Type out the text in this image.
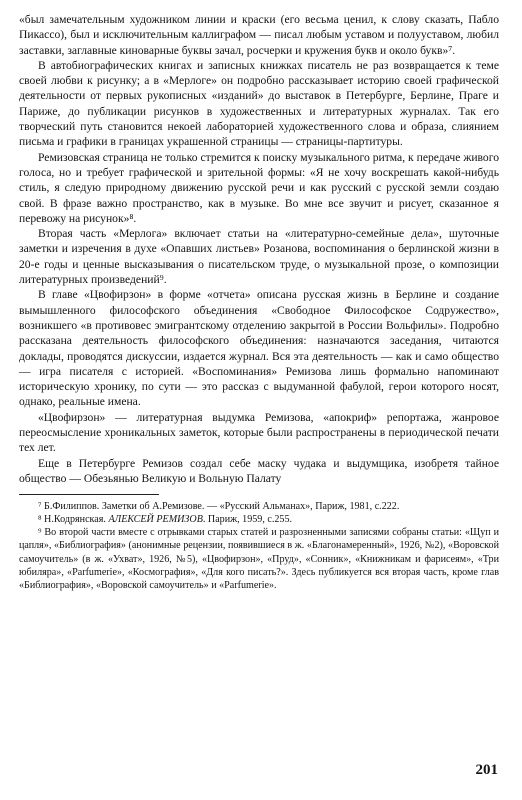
«был замечательным художником линии и краски (его весьма ценил, к слову сказать, Пабло Пикассо), был и исключительным каллиграфом — писал любым уставом и полууставом, любил заставки, заглавные киноварные буквы зачал, росчерки и кружения букв и около букв»⁷.

В автобиографических книгах и записных книжках писатель не раз возвращается к теме своей любви к рисунку; а в «Мерлоге» он подробно рассказывает историю своей графической деятельности от первых рукописных «изданий» до выставок в Петербурге, Берлине, Праге и Париже, до публикации рисунков в художественных и литературных журналах. Так его творческий путь становится некоей лабораторией художественного слова и образа, слиянием письма и графики в границах украшенной страницы — страницы-партитуры.

Ремизовская страница не только стремится к поиску музыкального ритма, к передаче живого голоса, но и требует графической и зрительной формы: «Я не хочу воскрешать какой-нибудь стиль, я следую природному движению русской речи и как русский с русской земли создаю свой. В фразе важно пространство, как в музыке. Во мне все звучит и рисует, сказанное я перевожу на рисунок»⁸.

Вторая часть «Мерлога» включает статьи на «литературно-семейные дела», шуточные заметки и изречения в духе «Опавших листьев» Розанова, воспоминания о берлинской жизни в 20-е годы и ценные высказывания о писательском труде, о музыкальной прозе, о композиции литературных произведений⁹.

В главе «Цвофирзон» в форме «отчета» описана русская жизнь в Берлине и создание вымышленного философского объединения «Свободное Философское Содружество», возникшего «в противовес эмигрантскому отделению закрытой в России Вольфилы». Подробно рассказана деятельность философского объединения: назначаются заседания, читаются доклады, проводятся дискуссии, издается журнал. Вся эта деятельность — как и само общество — игра писателя с историей. «Воспоминания» Ремизова лишь формально напоминают историческую хронику, по сути — это рассказ с выдуманной фабулой, герои которого носят, однако, реальные имена.

«Цвофирзон» — литературная выдумка Ремизова, «апокриф» репортажа, жанровое переосмысление хроникальных заметок, которые были распространены в периодической печати тех лет.

Еще в Петербурге Ремизов создал себе маску чудака и выдумщика, изобретя тайное общество — Обезьянью Великую и Вольную Палату

⁷ Б.Филиппов. Заметки об А.Ремизове. — «Русский Альманах», Париж, 1981, с.222.

⁸ Н.Кодрянская. АЛЕКСЕЙ РЕМИЗОВ. Париж, 1959, с.255.

⁹ Во второй части вместе с отрывками старых статей и разрозненными записями собраны статьи: «Щуп и цапля», «Библиография» (анонимные рецензии, появившиеся в ж. «Благонамеренный», 1926, №2), «Воровской самоучитель» (в ж. «Ухват», 1926, №5), «Цвофирзон», «Пруд», «Сонник», «Книжникам и фарисеям», «Три юбиляра», «Parfumerie», «Космография», «Для кого писать?». Здесь публикуется вся вторая часть, кроме глав «Библиография», «Воровской самоучитель» и «Parfumerie».

201
